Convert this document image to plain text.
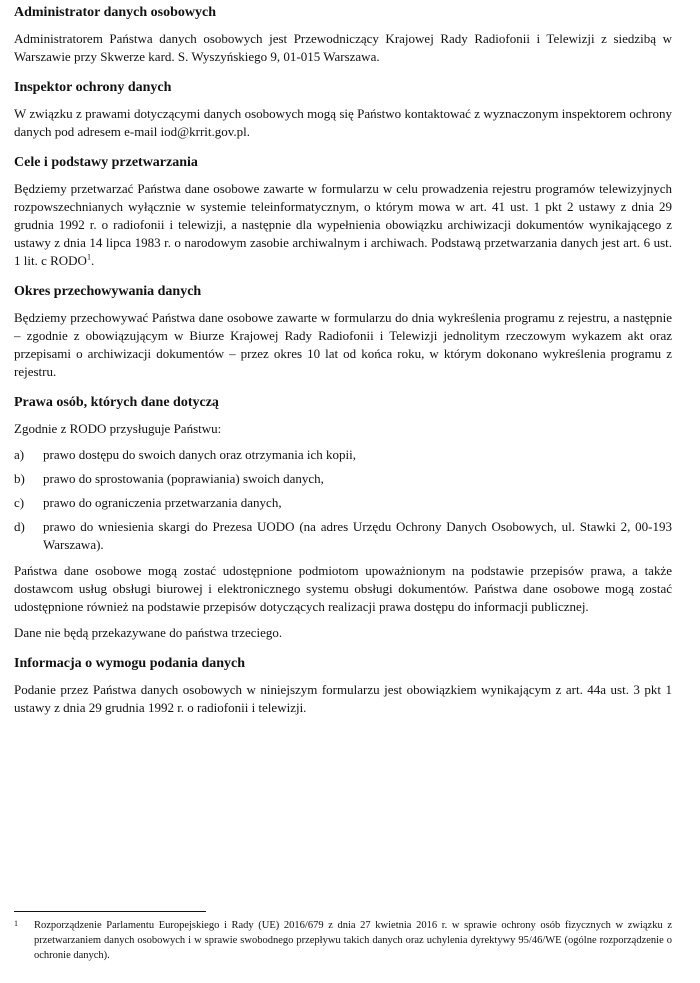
Administrator danych osobowych

Administratorem Państwa danych osobowych jest Przewodniczący Krajowej Rady Radiofonii i Telewizji z siedzibą w Warszawie przy Skwerze kard. S. Wyszyńskiego 9, 01-015 Warszawa.

Inspektor ochrony danych

W związku z prawami dotyczącymi danych osobowych mogą się Państwo kontaktować z wyznaczonym inspektorem ochrony danych pod adresem e-mail iod@krrit.gov.pl.

Cele i podstawy przetwarzania

Będziemy przetwarzać Państwa dane osobowe zawarte w formularzu w celu prowadzenia rejestru programów telewizyjnych rozpowszechnianych wyłącznie w systemie teleinformatycznym, o którym mowa w art. 41 ust. 1 pkt 2 ustawy z dnia 29 grudnia 1992 r. o radiofonii i telewizji, a następnie dla wypełnienia obowiązku archiwizacji dokumentów wynikającego z ustawy z dnia 14 lipca 1983 r. o narodowym zasobie archiwalnym i archiwach. Podstawą przetwarzania danych jest art. 6 ust. 1 lit. c RODO$^1$.

Okres przechowywania danych

Będziemy przechowywać Państwa dane osobowe zawarte w formularzu do dnia wykreślenia programu z rejestru, a następnie – zgodnie z obowiązującym w Biurze Krajowej Rady Radiofonii i Telewizji jednolitym rzeczowym wykazem akt oraz przepisami o archiwizacji dokumentów – przez okres 10 lat od końca roku, w którym dokonano wykreślenia programu z rejestru.

Prawa osób, których dane dotyczą

Zgodnie z RODO przysługuje Państwu:

a)	prawo dostępu do swoich danych oraz otrzymania ich kopii,
b)	prawo do sprostowania (poprawiania) swoich danych,
c)	prawo do ograniczenia przetwarzania danych,
d)	prawo do wniesienia skargi do Prezesa UODO (na adres Urzędu Ochrony Danych Osobowych, ul. Stawki 2, 00-193 Warszawa).

Państwa dane osobowe mogą zostać udostępnione podmiotom upoważnionym na podstawie przepisów prawa, a także dostawcom usług obsługi biurowej i elektronicznego systemu obsługi dokumentów. Państwa dane osobowe mogą zostać udostępnione również na podstawie przepisów dotyczących realizacji prawa dostępu do informacji publicznej.

Dane nie będą przekazywane do państwa trzeciego.

Informacja o wymogu podania danych

Podanie przez Państwa danych osobowych w niniejszym formularzu jest obowiązkiem wynikającym z art. 44a ust. 3 pkt 1 ustawy z dnia 29 grudnia 1992 r. o radiofonii i telewizji.

1	Rozporządzenie Parlamentu Europejskiego i Rady (UE) 2016/679 z dnia 27 kwietnia 2016 r. w sprawie ochrony osób fizycznych w związku z przetwarzaniem danych osobowych i w sprawie swobodnego przepływu takich danych oraz uchylenia dyrektywy 95/46/WE (ogólne rozporządzenie o ochronie danych).
